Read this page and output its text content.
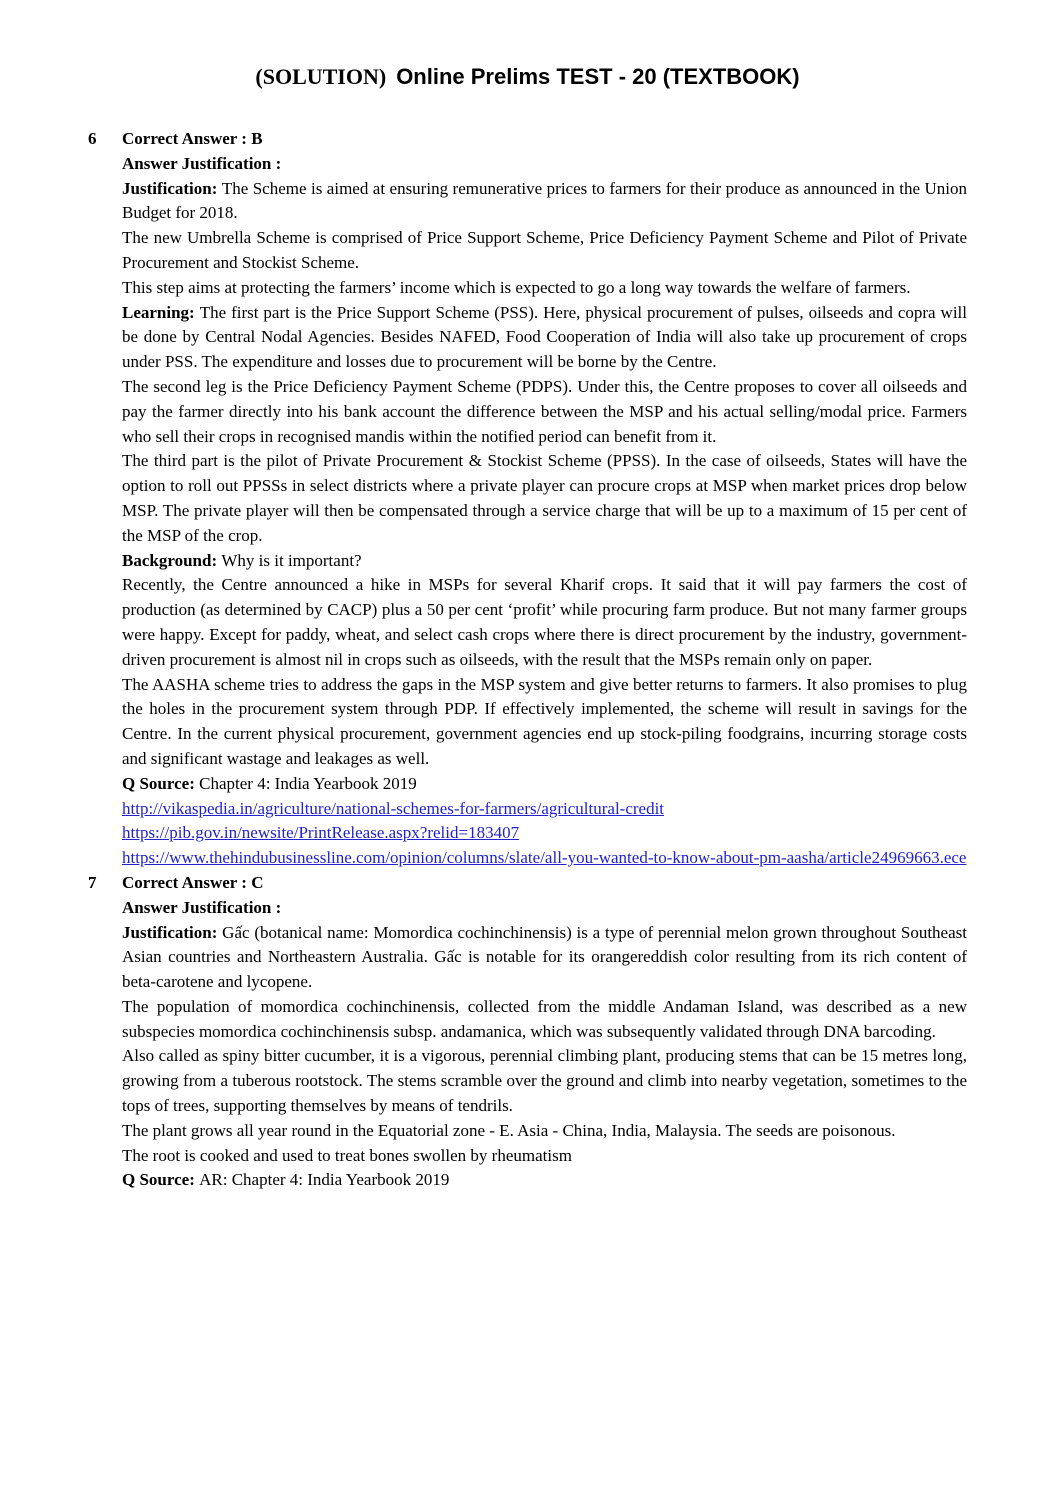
(SOLUTION) Online Prelims TEST - 20 (TEXTBOOK)
6	Correct Answer : B

Answer Justification :

Justification: The Scheme is aimed at ensuring remunerative prices to farmers for their produce as announced in the Union Budget for 2018.

The new Umbrella Scheme is comprised of Price Support Scheme, Price Deficiency Payment Scheme and Pilot of Private Procurement and Stockist Scheme.

This step aims at protecting the farmers’ income which is expected to go a long way towards the welfare of farmers.

Learning: The first part is the Price Support Scheme (PSS). Here, physical procurement of pulses, oilseeds and copra will be done by Central Nodal Agencies. Besides NAFED, Food Cooperation of India will also take up procurement of crops under PSS. The expenditure and losses due to procurement will be borne by the Centre.

The second leg is the Price Deficiency Payment Scheme (PDPS). Under this, the Centre proposes to cover all oilseeds and pay the farmer directly into his bank account the difference between the MSP and his actual selling/modal price. Farmers who sell their crops in recognised mandis within the notified period can benefit from it.

The third part is the pilot of Private Procurement & Stockist Scheme (PPSS). In the case of oilseeds, States will have the option to roll out PPSSs in select districts where a private player can procure crops at MSP when market prices drop below MSP. The private player will then be compensated through a service charge that will be up to a maximum of 15 per cent of the MSP of the crop.

Background: Why is it important?

Recently, the Centre announced a hike in MSPs for several Kharif crops. It said that it will pay farmers the cost of production (as determined by CACP) plus a 50 per cent ‘profit’ while procuring farm produce. But not many farmer groups were happy. Except for paddy, wheat, and select cash crops where there is direct procurement by the industry, government-driven procurement is almost nil in crops such as oilseeds, with the result that the MSPs remain only on paper.

The AASHA scheme tries to address the gaps in the MSP system and give better returns to farmers. It also promises to plug the holes in the procurement system through PDP. If effectively implemented, the scheme will result in savings for the Centre. In the current physical procurement, government agencies end up stock-piling foodgrains, incurring storage costs and significant wastage and leakages as well.

Q Source: Chapter 4: India Yearbook 2019

http://vikaspedia.in/agriculture/national-schemes-for-farmers/agricultural-credit
https://pib.gov.in/newsite/PrintRelease.aspx?relid=183407
https://www.thehindubusinessline.com/opinion/columns/slate/all-you-wanted-to-know-about-pm-aasha/article24969663.ece
7	Correct Answer : C

Answer Justification :

Justification: Gấc (botanical name: Momordica cochinchinensis) is a type of perennial melon grown throughout Southeast Asian countries and Northeastern Australia. Gấc is notable for its orangereddish color resulting from its rich content of beta-carotene and lycopene.

The population of momordica cochinchinensis, collected from the middle Andaman Island, was described as a new subspecies momordica cochinchinensis subsp. andamanica, which was subsequently validated through DNA barcoding.

Also called as spiny bitter cucumber, it is a vigorous, perennial climbing plant, producing stems that can be 15 metres long, growing from a tuberous rootstock. The stems scramble over the ground and climb into nearby vegetation, sometimes to the tops of trees, supporting themselves by means of tendrils.

The plant grows all year round in the Equatorial zone - E. Asia - China, India, Malaysia. The seeds are poisonous.

The root is cooked and used to treat bones swollen by rheumatism

Q Source: AR: Chapter 4: India Yearbook 2019
